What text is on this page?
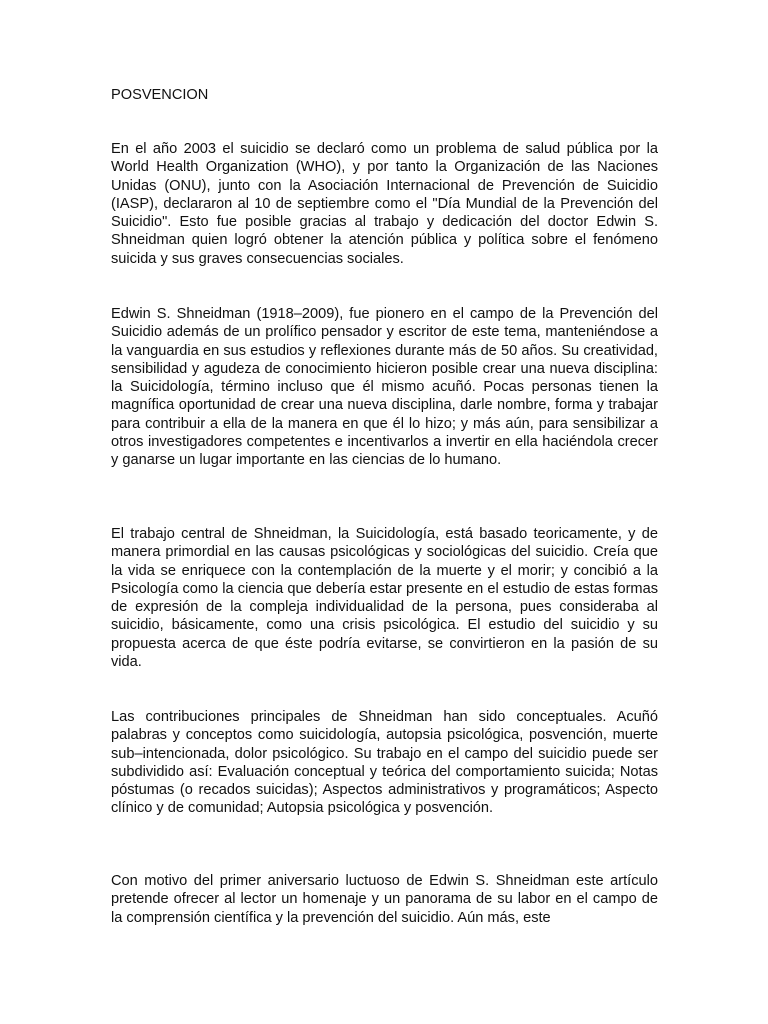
POSVENCION

En el año 2003 el suicidio se declaró como un problema de salud pública por la World Health Organization (WHO), y por tanto la Organización de las Naciones Unidas (ONU), junto con la Asociación Internacional de Prevención de Suicidio (IASP), declararon al 10 de septiembre como el "Día Mundial de la Prevención del Suicidio". Esto fue posible gracias al trabajo y dedicación del doctor Edwin S. Shneidman quien logró obtener la atención pública y política sobre el fenómeno suicida y sus graves consecuencias sociales.

Edwin S. Shneidman (1918–2009), fue pionero en el campo de la Prevención del Suicidio además de un prolífico pensador y escritor de este tema, manteniéndose a la vanguardia en sus estudios y reflexiones durante más de 50 años. Su creatividad, sensibilidad y agudeza de conocimiento hicieron posible crear una nueva disciplina: la Suicidología, término incluso que él mismo acuñó. Pocas personas tienen la magnífica oportunidad de crear una nueva disciplina, darle nombre, forma y trabajar para contribuir a ella de la manera en que él lo hizo; y más aún, para sensibilizar a otros investigadores competentes e incentivarlos a invertir en ella haciéndola crecer y ganarse un lugar importante en las ciencias de lo humano.

El trabajo central de Shneidman, la Suicidología, está basado teoricamente, y de manera primordial en las causas psicológicas y sociológicas del suicidio. Creía que la vida se enriquece con la contemplación de la muerte y el morir; y concibió a la Psicología como la ciencia que debería estar presente en el estudio de estas formas de expresión de la compleja individualidad de la persona, pues consideraba al suicidio, básicamente, como una crisis psicológica. El estudio del suicidio y su propuesta acerca de que éste podría evitarse, se convirtieron en la pasión de su vida.

Las contribuciones principales de Shneidman han sido conceptuales. Acuñó palabras y conceptos como suicidología, autopsia psicológica, posvención, muerte sub–intencionada, dolor psicológico. Su trabajo en el campo del suicidio puede ser subdividido así: Evaluación conceptual y teórica del comportamiento suicida; Notas póstumas (o recados suicidas); Aspectos administrativos y programáticos; Aspecto clínico y de comunidad; Autopsia psicológica y posvención.

Con motivo del primer aniversario luctuoso de Edwin S. Shneidman este artículo pretende ofrecer al lector un homenaje y un panorama de su labor en el campo de la comprensión científica y la prevención del suicidio. Aún más, este
